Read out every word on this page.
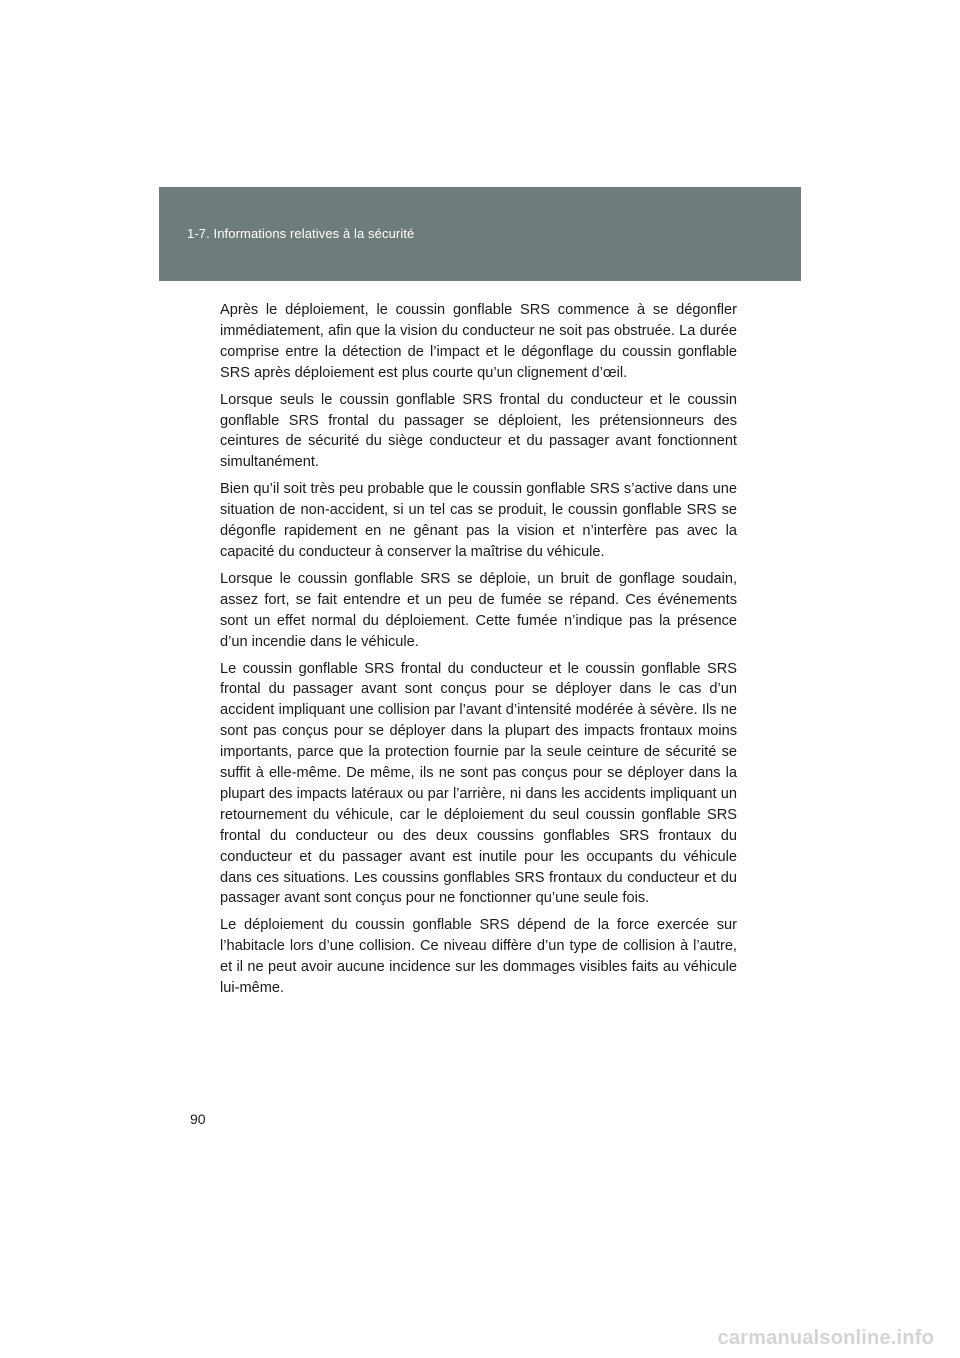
1-7. Informations relatives à la sécurité

Après le déploiement, le coussin gonflable SRS commence à se dégonfler immédiatement, afin que la vision du conducteur ne soit pas obstruée. La durée comprise entre la détection de l’impact et le dégonflage du coussin gonflable SRS après déploiement est plus courte qu’un clignement d’œil.

Lorsque seuls le coussin gonflable SRS frontal du conducteur et le coussin gonflable SRS frontal du passager se déploient, les prétensionneurs des ceintures de sécurité du siège conducteur et du passager avant fonctionnent simultanément.

Bien qu’il soit très peu probable que le coussin gonflable SRS s’active dans une situation de non-accident, si un tel cas se produit, le coussin gonflable SRS se dégonfle rapidement en ne gênant pas la vision et n’interfère pas avec la capacité du conducteur à conserver la maîtrise du véhicule.

Lorsque le coussin gonflable SRS se déploie, un bruit de gonflage soudain, assez fort, se fait entendre et un peu de fumée se répand. Ces événements sont un effet normal du déploiement. Cette fumée n’indique pas la présence d’un incendie dans le véhicule.

Le coussin gonflable SRS frontal du conducteur et le coussin gonflable SRS frontal du passager avant sont conçus pour se déployer dans le cas d’un accident impliquant une collision par l’avant d’intensité modérée à sévère. Ils ne sont pas conçus pour se déployer dans la plupart des impacts frontaux moins importants, parce que la protection fournie par la seule ceinture de sécurité se suffit à elle-même. De même, ils ne sont pas conçus pour se déployer dans la plupart des impacts latéraux ou par l’arrière, ni dans les accidents impliquant un retournement du véhicule, car le déploiement du seul coussin gonflable SRS frontal du conducteur ou des deux coussins gonflables SRS frontaux du conducteur et du passager avant est inutile pour les occupants du véhicule dans ces situations. Les coussins gonflables SRS frontaux du conducteur et du passager avant sont conçus pour ne fonctionner qu’une seule fois.

Le déploiement du coussin gonflable SRS dépend de la force exercée sur l’habitacle lors d’une collision. Ce niveau diffère d’un type de collision à l’autre, et il ne peut avoir aucune incidence sur les dommages visibles faits au véhicule lui-même.

90
carmanualsonline.info
